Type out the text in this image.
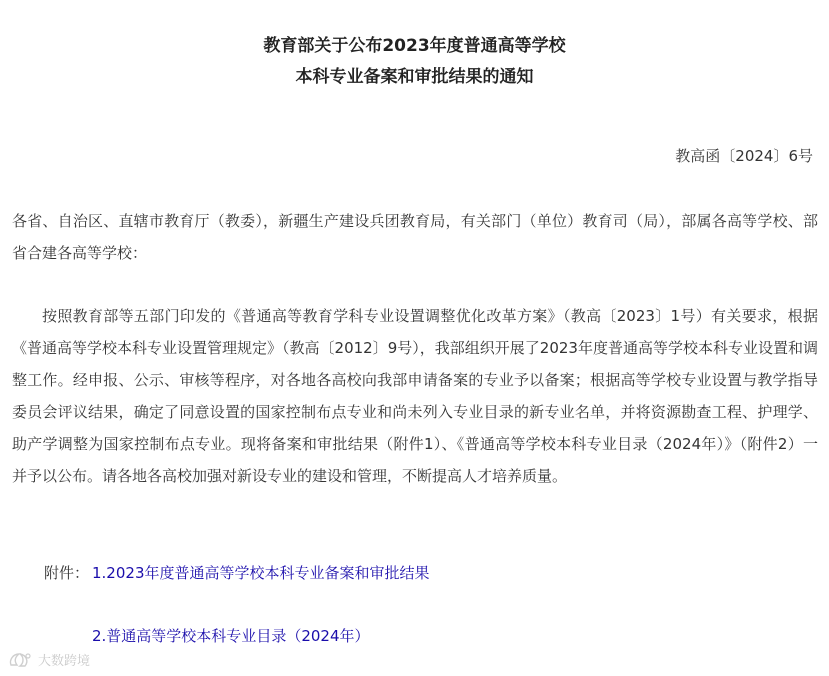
教育部关于公布2023年度普通高等学校
本科专业备案和审批结果的通知
教高函〔2024〕6号
各省、自治区、直辖市教育厅（教委），新疆生产建设兵团教育局，有关部门（单位）教育司（局），部属各高等学校、部省合建各高等学校：
按照教育部等五部门印发的《普通高等教育学科专业设置调整优化改革方案》（教高〔2023〕1号）有关要求，根据《普通高等学校本科专业设置管理规定》（教高〔2012〕9号），我部组织开展了2023年度普通高等学校本科专业设置和调整工作。经申报、公示、审核等程序，对各地各高校向我部申请备案的专业予以备案；根据高等学校专业设置与教学指导委员会评议结果，确定了同意设置的国家控制布点专业和尚未列入专业目录的新专业名单，并将资源勘查工程、护理学、助产学调整为国家控制布点专业。现将备案和审批结果（附件1）、《普通高等学校本科专业目录（2024年）》（附件2）一并予以公布。请各地各高校加强对新设专业的建设和管理，不断提高人才培养质量。
附件： 1.2023年度普通高等学校本科专业备案和审批结果
2.普通高等学校本科专业目录（2024年）
大数跨境
